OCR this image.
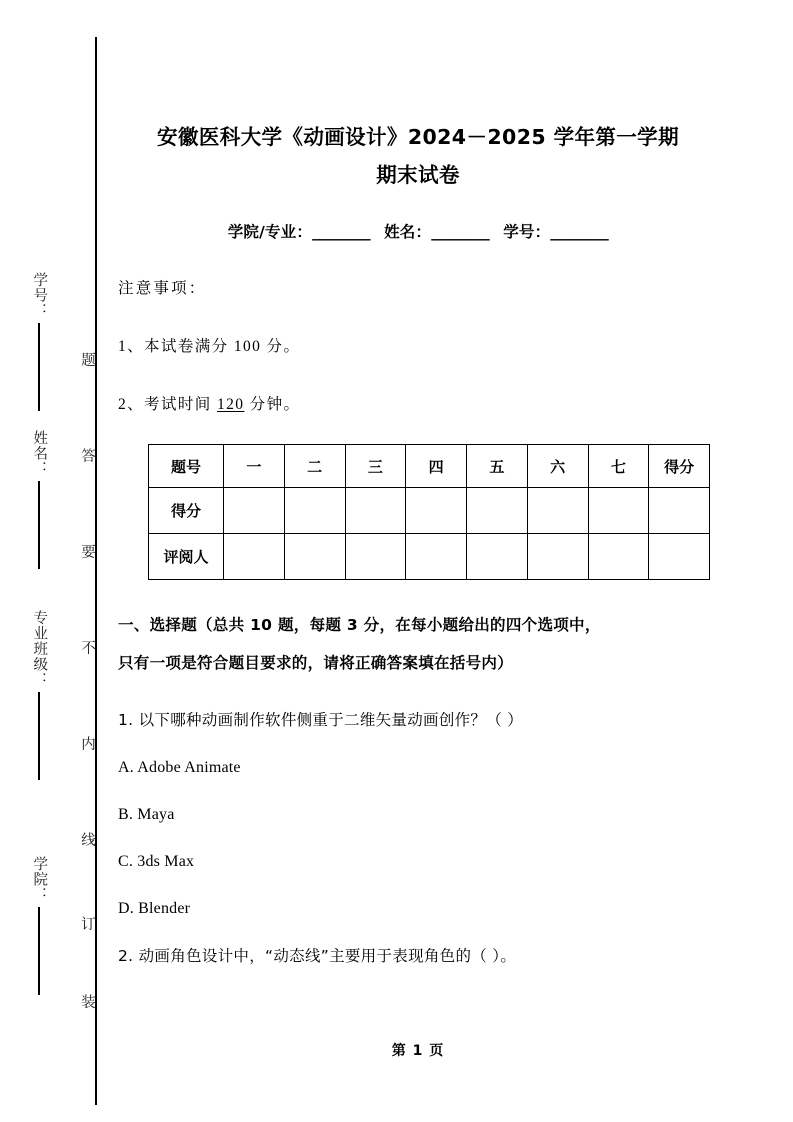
学号：
姓名：
专业班级：
学院：
题
答
要
不
内
线
订
装
安徽医科大学《动画设计》2024－2025 学年第一学期
期末试卷

学院/专业：________ 姓名：________ 学号：________

注意事项：

1、本试卷满分 100 分。

2、考试时间 120 分钟。

题号	一	二	三	四	五	六	七	得分
得分								
评阅人								

一、选择题（总共 10 题，每题 3 分，在每小题给出的四个选项中，
只有一项是符合题目要求的，请将正确答案填在括号内）

1. 以下哪种动画制作软件侧重于二维矢量动画创作？（ ）

A. Adobe Animate

B. Maya

C. 3ds Max

D. Blender

2. 动画角色设计中，“动态线”主要用于表现角色的（ ）。

第 1 页
